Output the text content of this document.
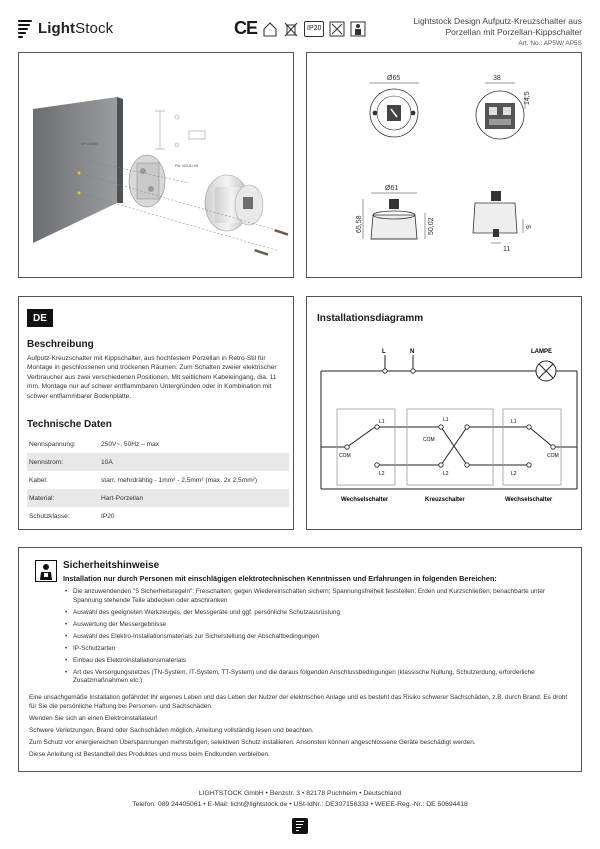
LightStock	CE	IP20
Lightstock Design Aufputz-Kreuzschalter aus
Porzellan mit Porzellan-Kippschalter
Art. No.: AP5W/ AP5S
M+=5Mkt
PA: M3,5×45
Ø65	38
14,5
Ø61
65,58	50,02	9
11
DE
Beschreibung
Aufputz-Kreuzschalter mit Kippschalter, aus hochfestem Porzellan in Retro-Stil für Montage in geschlossenen und trockenen Räumen. Zum Schalten zweier elektrischer Verbraucher aus zwei verschiedenen Positionen. Mit seitlichem Kabeleingang, dia. 11 mm. Montage nur auf schwer entflammbaren Untergründen oder in Kombination mit schwer entflammbarer Bodenplatte.
Technische Daten
Nennspannung:	250V~, 50Hz – max
Nennstrom:	10A
Kabel:	starr, mehrdrähtig - 1mm² - 2,5mm² (max. 2x 2,5mm²)
Material:	Hart-Porzellan
Schutzklasse:	IP20
Installationsdiagramm
L	N	LAMPE
L1
L2
COM
L1
L2
COM
L1
L2
COM
Wechselschalter	Kreuzschalter	Wechselschalter
Sicherheitshinweise
Installation nur durch Personen mit einschlägigen elektrotechnischen Kenntnissen und Erfahrungen in folgenden Bereichen:
• Die anzuwendenden "5 Sicherheitsregeln": Freischalten; gegen Wiedereinschalten sichern; Spannungsfreiheit feststellen; Erden und Kurzschließen; benachbarte unter Spannung stehende Teile abdecken oder abschranken
• Auswahl des geeigneten Werkzeuges, der Messgeräte und ggf. persönliche Schutzausrüstung
• Auswertung der Messergebnisse
• Auswahl des Elektro-Installationsmaterials zur Sicherstellung der Abschaltbedingungen
• IP-Schutzarten
• Einbau des Elektroinstallationsmaterials
• Art des Versorgungsnetzes (TN-System, IT-System, TT-System) und die daraus folgenden Anschlussbedingungen (klassische Nullung, Schutzerdung, erforderliche Zusatzmaßnahmen etc.)

Eine unsachgemäße Installation gefährdet Ihr eigenes Leben und das Leben der Nutzer der elektrischen Anlage und es besteht das Risiko schwerer Sachschäden, z.B. durch Brand. Es droht für Sie die persönliche Haftung bei Personen- und Sachschäden.

Wenden Sie sich an einen Elektroinstallateur!

Schwere Verletzungen, Brand oder Sachschäden möglich. Anleitung vollständig lesen und beachten.

Zum Schutz vor energiereichen Überspannungen mehrstufigen, selektiven Schutz installieren. Ansonsten können angeschlossene Geräte beschädigt werden.

Diese Anleitung ist Bestandteil des Produktes und muss beim Endkunden verbleiben.

LIGHTSTOCK GmbH • Benzstr. 3 • 82178 Puchheim • Deutschland
Telefon: 089 24405061 • E-Mail: licht@lightstock.de • USt-IdNr.: DE307156333 • WEEE-Reg.-Nr.: DE 50694418
